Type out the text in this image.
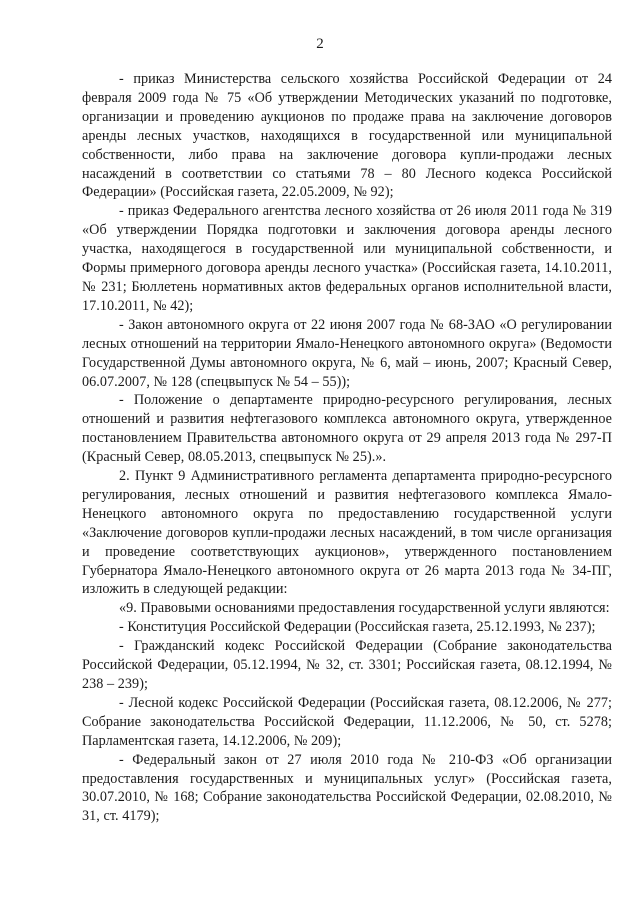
2

- приказ Министерства сельского хозяйства Российской Федерации от 24 февраля 2009 года № 75 «Об утверждении Методических указаний по подготовке, организации и проведению аукционов по продаже права на заключение договоров аренды лесных участков, находящихся в государственной или муниципальной собственности, либо права на заключение договора купли-продажи лесных насаждений в соответствии со статьями 78 – 80 Лесного кодекса Российской Федерации» (Российская газета, 22.05.2009, № 92);

- приказ Федерального агентства лесного хозяйства от 26 июля 2011 года № 319 «Об утверждении Порядка подготовки и заключения договора аренды лесного участка, находящегося в государственной или муниципальной собственности, и Формы примерного договора аренды лесного участка» (Российская газета, 14.10.2011, № 231; Бюллетень нормативных актов федеральных органов исполнительной власти, 17.10.2011, № 42);

- Закон автономного округа от 22 июня 2007 года № 68-ЗАО «О регулировании лесных отношений на территории Ямало-Ненецкого автономного округа» (Ведомости Государственной Думы автономного округа, № 6, май – июнь, 2007; Красный Север, 06.07.2007, № 128 (спецвыпуск № 54 – 55));

- Положение о департаменте природно-ресурсного регулирования, лесных отношений и развития нефтегазового комплекса автономного округа, утвержденное постановлением Правительства автономного округа от 29 апреля 2013 года № 297-П (Красный Север, 08.05.2013, спецвыпуск № 25).».

2. Пункт 9 Административного регламента департамента природно-ресурсного регулирования, лесных отношений и развития нефтегазового комплекса Ямало-Ненецкого автономного округа по предоставлению государственной услуги «Заключение договоров купли-продажи лесных насаждений, в том числе организация и проведение соответствующих аукционов», утвержденного постановлением Губернатора Ямало-Ненецкого автономного округа от 26 марта 2013 года № 34-ПГ, изложить в следующей редакции:

«9. Правовыми основаниями предоставления государственной услуги являются:

- Конституция Российской Федерации (Российская газета, 25.12.1993, № 237);

- Гражданский кодекс Российской Федерации (Собрание законодательства Российской Федерации, 05.12.1994, № 32, ст. 3301; Российская газета, 08.12.1994, № 238 – 239);

- Лесной кодекс Российской Федерации (Российская газета, 08.12.2006, № 277; Собрание законодательства Российской Федерации, 11.12.2006, № 50, ст. 5278; Парламентская газета, 14.12.2006, № 209);

- Федеральный закон от 27 июля 2010 года № 210-ФЗ «Об организации предоставления государственных и муниципальных услуг» (Российская газета, 30.07.2010, № 168; Собрание законодательства Российской Федерации, 02.08.2010, № 31, ст. 4179);
